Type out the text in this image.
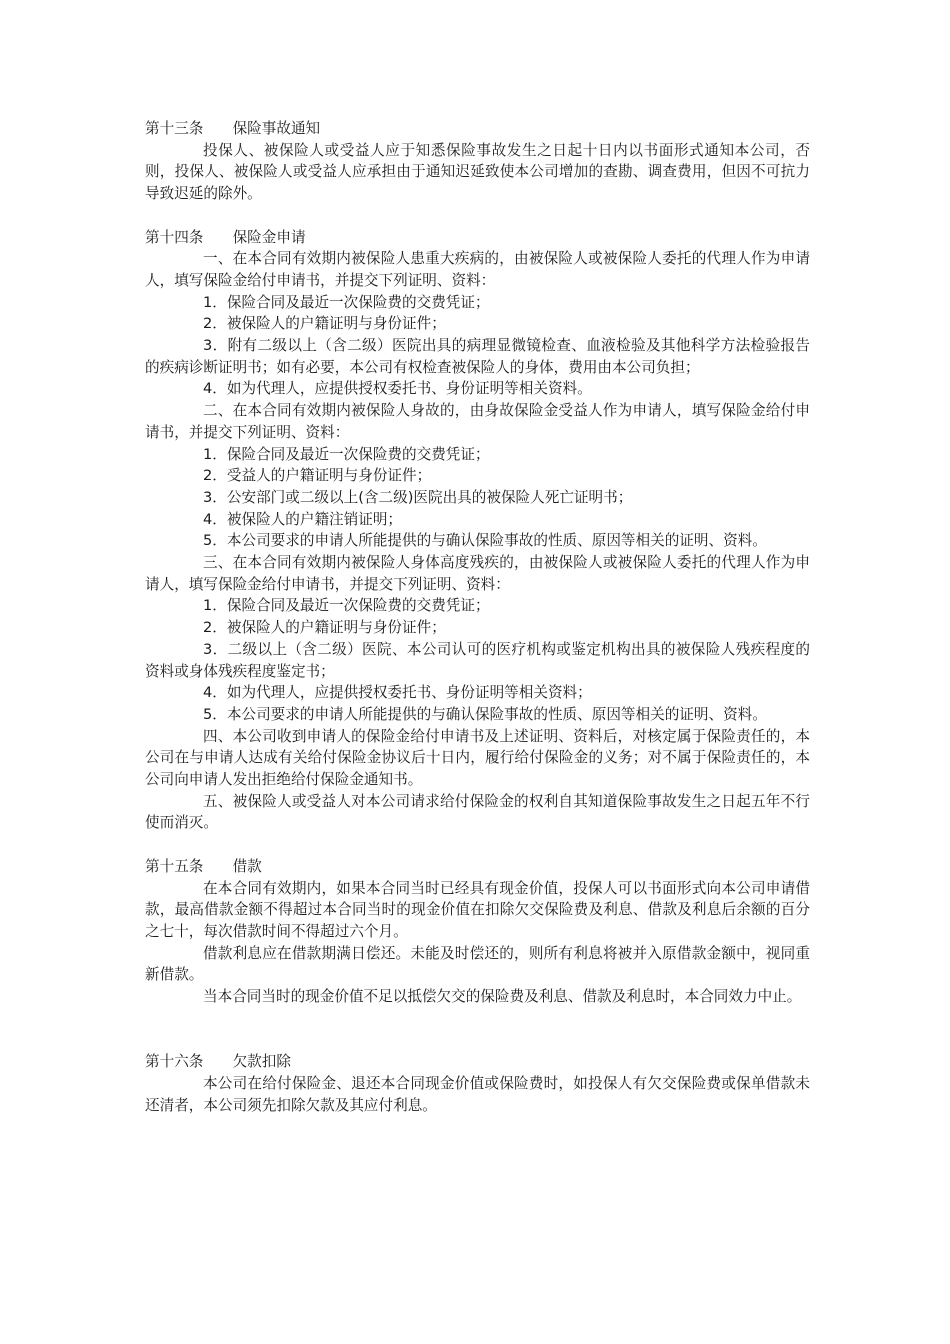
第十三条　　保险事故通知
投保人、被保险人或受益人应于知悉保险事故发生之日起十日内以书面形式通知本公司，否则，投保人、被保险人或受益人应承担由于通知迟延致使本公司增加的查勘、调查费用，但因不可抗力导致迟延的除外。
第十四条　　保险金申请
一、在本合同有效期内被保险人患重大疾病的，由被保险人或被保险人委托的代理人作为申请人，填写保险金给付申请书，并提交下列证明、资料：
1．保险合同及最近一次保险费的交费凭证；
2．被保险人的户籍证明与身份证件；
3．附有二级以上（含二级）医院出具的病理显微镜检查、血液检验及其他科学方法检验报告的疾病诊断证明书；如有必要，本公司有权检查被保险人的身体，费用由本公司负担；
4．如为代理人，应提供授权委托书、身份证明等相关资料。
二、在本合同有效期内被保险人身故的，由身故保险金受益人作为申请人，填写保险金给付申请书，并提交下列证明、资料：
1．保险合同及最近一次保险费的交费凭证；
2．受益人的户籍证明与身份证件；
3．公安部门或二级以上(含二级)医院出具的被保险人死亡证明书；
4．被保险人的户籍注销证明；
5．本公司要求的申请人所能提供的与确认保险事故的性质、原因等相关的证明、资料。
三、在本合同有效期内被保险人身体高度残疾的，由被保险人或被保险人委托的代理人作为申请人，填写保险金给付申请书，并提交下列证明、资料：
1．保险合同及最近一次保险费的交费凭证；
2．被保险人的户籍证明与身份证件；
3．二级以上（含二级）医院、本公司认可的医疗机构或鉴定机构出具的被保险人残疾程度的资料或身体残疾程度鉴定书；
4．如为代理人，应提供授权委托书、身份证明等相关资料；
5．本公司要求的申请人所能提供的与确认保险事故的性质、原因等相关的证明、资料。
四、本公司收到申请人的保险金给付申请书及上述证明、资料后，对核定属于保险责任的，本公司在与申请人达成有关给付保险金协议后十日内，履行给付保险金的义务；对不属于保险责任的，本公司向申请人发出拒绝给付保险金通知书。
五、被保险人或受益人对本公司请求给付保险金的权利自其知道保险事故发生之日起五年不行使而消灭。
第十五条　　借款
在本合同有效期内，如果本合同当时已经具有现金价值，投保人可以书面形式向本公司申请借款，最高借款金额不得超过本合同当时的现金价值在扣除欠交保险费及利息、借款及利息后余额的百分之七十，每次借款时间不得超过六个月。
借款利息应在借款期满日偿还。未能及时偿还的，则所有利息将被并入原借款金额中，视同重新借款。
当本合同当时的现金价值不足以抵偿欠交的保险费及利息、借款及利息时，本合同效力中止。
第十六条　　欠款扣除
本公司在给付保险金、退还本合同现金价值或保险费时，如投保人有欠交保险费或保单借款未还清者，本公司须先扣除欠款及其应付利息。
